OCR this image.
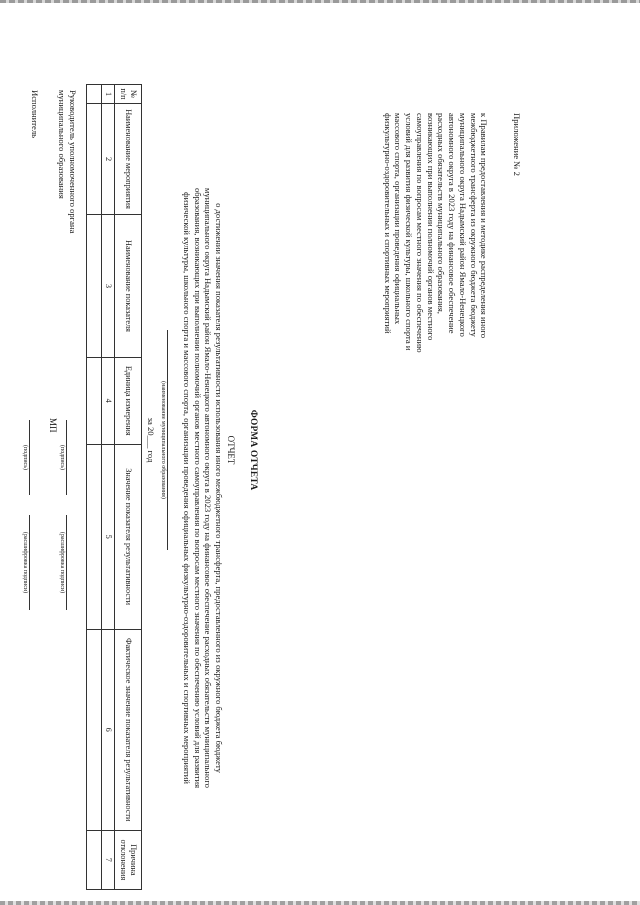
Приложение № 2
к Правилам предоставления и методике распределения иного
межбюджетного трансферта из окружного бюджета бюджету
муниципального округа Надымский район Ямало-Ненецкого
автономного округа в 2023 году на финансовое обеспечение
расходных обязательств муниципального образования,
возникающих при выполнении полномочий органов местного
самоуправления по вопросам местного значения по обеспечению
условий для развития физической культуры, школьного спорта и
массового спорта, организации проведения официальных
физкультурно-оздоровительных и спортивных мероприятий
ФОРМА ОТЧЕТА
ОТЧЕТ
о достижении значения показателя результативности использования иного межбюджетного трансферта, предоставленного из окружного бюджета бюджету
муниципального округа Надымский район Ямало-Ненецкого автономного округа в 2023 году на финансовое обеспечение расходных обязательств муниципального
образования, возникающих при выполнении полномочий органов местного самоуправления по вопросам местного значения по обеспечению условий для развития
физической культуры, школьного спорта и массового спорта, организации проведения официальных физкультурно-оздоровительных и спортивных мероприятий
(наименование муниципального образования)
за 20___ год
№ п/п	Наименование мероприятия	Наименование показателя	Единица измерения	Значение показателя результативности	Фактическое значение показателя результативности	Причина отклонения
1	2	3	4	5	6	7

Руководитель уполномоченного органа
муниципального образования
(подпись)
(расшифровка подписи)
МП
Исполнитель
(подпись)
(расшифровка подписи)
